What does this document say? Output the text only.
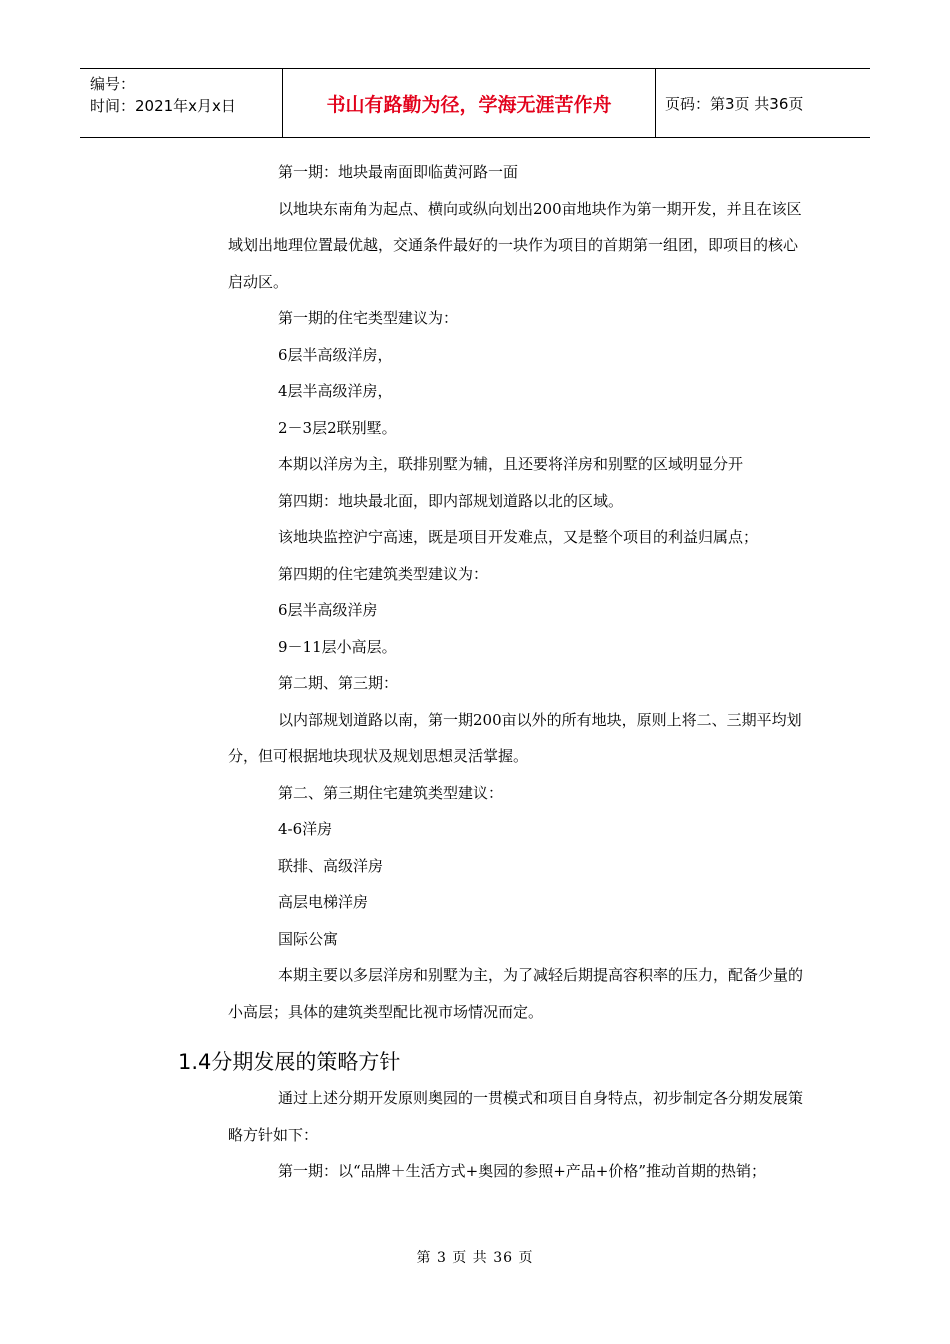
编号：
时间：2021年x月x日	书山有路勤为径，学海无涯苦作舟	页码：第3页 共36页

第一期：地块最南面即临黄河路一面

以地块东南角为起点、横向或纵向划出200亩地块作为第一期开发，并且在该区域划出地理位置最优越，交通条件最好的一块作为项目的首期第一组团，即项目的核心启动区。

第一期的住宅类型建议为：

6层半高级洋房，

4层半高级洋房，

2－3层2联别墅。

本期以洋房为主，联排别墅为辅，且还要将洋房和别墅的区域明显分开

第四期：地块最北面，即内部规划道路以北的区域。

该地块监控沪宁高速，既是项目开发难点，又是整个项目的利益归属点；

第四期的住宅建筑类型建议为：

6层半高级洋房

9－11层小高层。

第二期、第三期：

以内部规划道路以南，第一期200亩以外的所有地块，原则上将二、三期平均划分，但可根据地块现状及规划思想灵活掌握。

第二、第三期住宅建筑类型建议：

4-6洋房

联排、高级洋房

高层电梯洋房

国际公寓

本期主要以多层洋房和别墅为主，为了减轻后期提高容积率的压力，配备少量的小高层；具体的建筑类型配比视市场情况而定。

1.4分期发展的策略方针

通过上述分期开发原则奥园的一贯模式和项目自身特点，初步制定各分期发展策略方针如下：

第一期：以“品牌＋生活方式+奥园的参照+产品+价格”推动首期的热销；

第 3 页 共 36 页
